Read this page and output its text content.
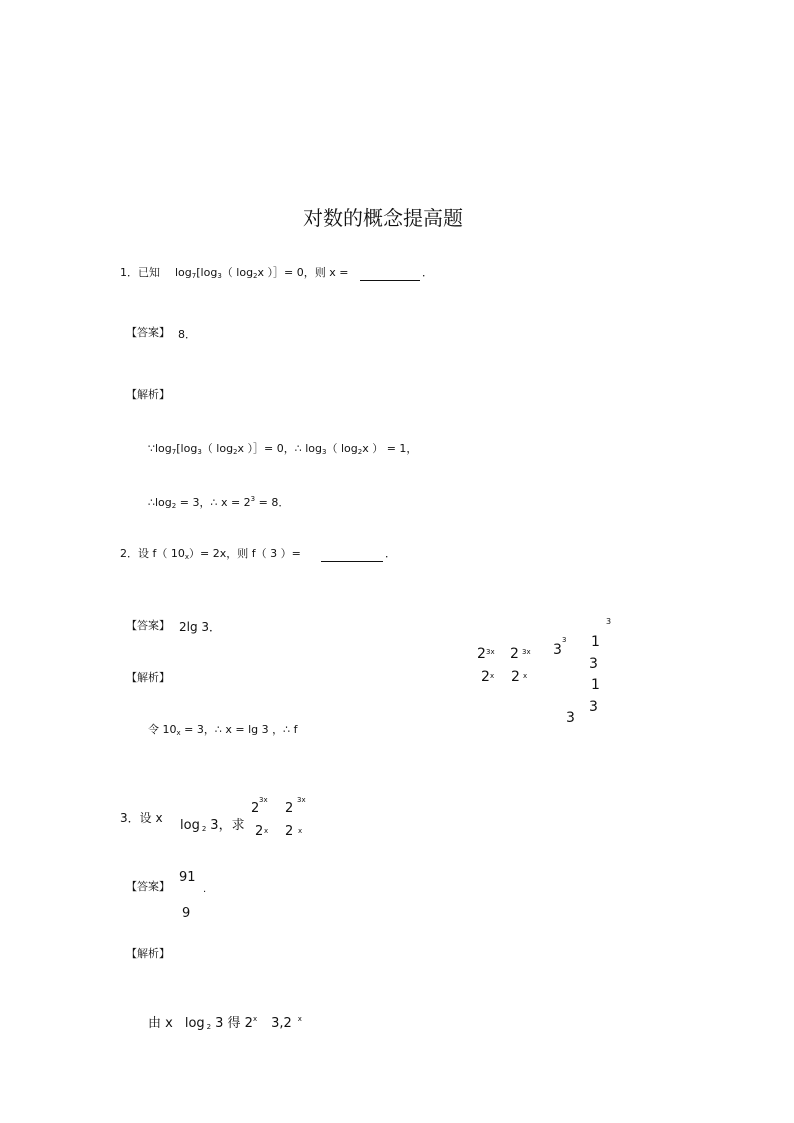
对数的概念提高题
1．已知 log7[log3（ log2x ）］= 0，则 x =	．
【答案】 8．
【解析】
∵log7[log3（ log2x ）］= 0，∴ log3（ log2x ） = 1，
∴log2 = 3，∴ $x = 2^3 = 8$．
2．设 f（ 10x）= 2x，则 f（ 3 ）=	．
【答案】 2lg 3．
【解析】
令 10x = 3，∴ x = lg 3 ，∴ f
3
2 3x 2 3x 3
3 1
3
2 x 2 x
1
3
3
3．设 x log 2 3，求
2
3x
2
3x
2 x 2 x
【答案】
91
9
.
【解析】
由 x log 2 3 得 2$^x$ 3,2 $^x$
